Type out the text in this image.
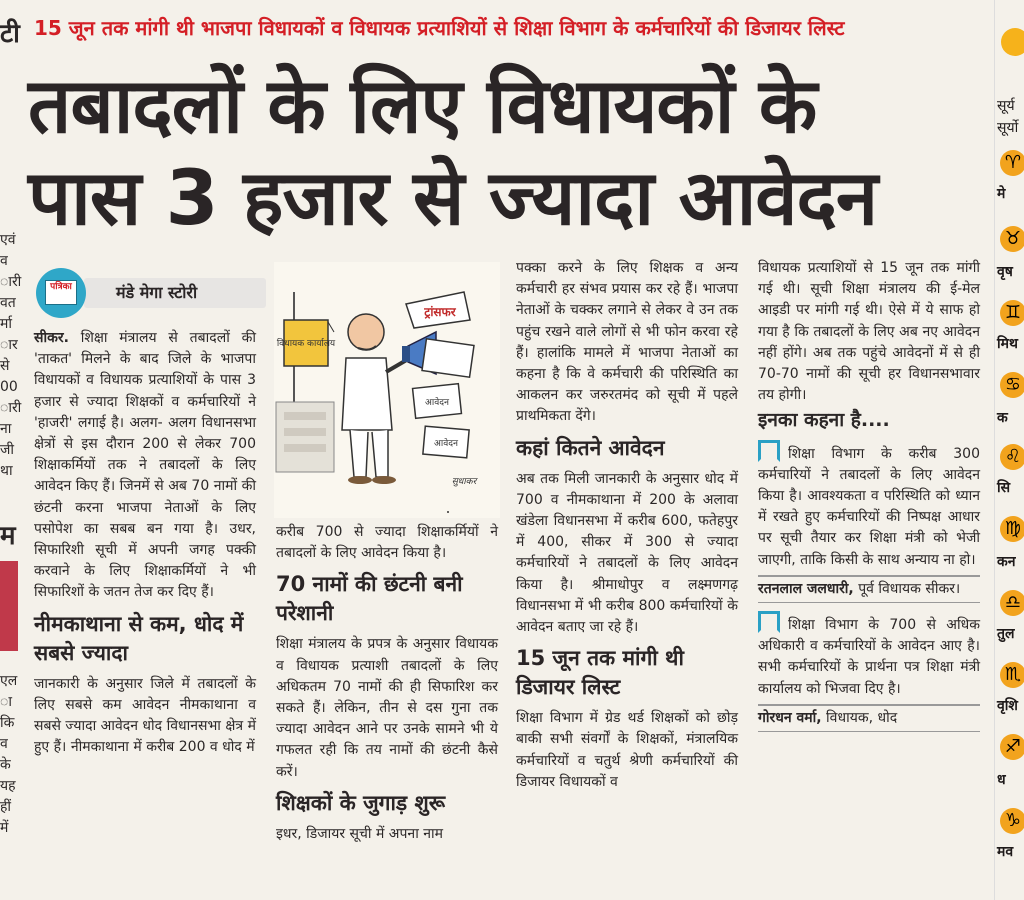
टी
एवं
व
ारी
वत
र्मा
ार
से
00
ारी
ना
जी
था
म
एल
ा
कि
व
के
यह
हीं
में
15 जून तक मांगी थी भाजपा विधायकों व विधायक प्रत्याशियों से शिक्षा विभाग के कर्मचारियों की डिजायर लिस्ट
तबादलों के लिए विधायकों के
पास 3 हजार से ज्यादा आवेदन
मंडे मेगा स्टोरी
पत्रिका

सीकर. शिक्षा मंत्रालय से तबादलों की 'ताकत' मिलने के बाद जिले के भाजपा विधायकों व विधायक प्रत्याशियों के पास 3 हजार से ज्यादा शिक्षकों व कर्मचारियों ने 'हाजरी' लगाई है। अलग- अलग विधानसभा क्षेत्रों से इस दौरान 200 से लेकर 700 शिक्षाकर्मियों तक ने तबादलों के लिए आवेदन किए हैं। जिनमें से अब 70 नामों की छंटनी करना भाजपा नेताओं के लिए पसोपेश का सबब बन गया है। उधर, सिफारिशी सूची में अपनी जगह पक्की करवाने के लिए शिक्षाकर्मियों ने भी सिफारिशों के जतन तेज कर दिए हैं।

नीमकाथाना से कम, धोद में सबसे ज्यादा

जानकारी के अनुसार जिले में तबादलों के लिए सबसे कम आवेदन नीमकाथाना व सबसे ज्यादा आवेदन धोद विधानसभा क्षेत्र में हुए हैं। नीमकाथाना में करीब 200 व धोद में

विधायक कार्यालय
ट्रांसफर
आवेदन
आवेदन
सुधाकर

करीब 700 से ज्यादा शिक्षाकर्मियों ने तबादलों के लिए आवेदन किया है।

70 नामों की छंटनी बनी परेशानी

शिक्षा मंत्रालय के प्रपत्र के अनुसार विधायक व विधायक प्रत्याशी तबादलों के लिए अधिकतम 70 नामों की ही सिफारिश कर सकते हैं। लेकिन, तीन से दस गुना तक ज्यादा आवेदन आने पर उनके सामने भी ये गफलत रही कि तय नामों की छंटनी कैसे करें।

शिक्षकों के जुगाड़ शुरू

इधर, डिजायर सूची में अपना नाम

पक्का करने के लिए शिक्षक व अन्य कर्मचारी हर संभव प्रयास कर रहे हैं। भाजपा नेताओं के चक्कर लगाने से लेकर वे उन तक पहुंच रखने वाले लोगों से भी फोन करवा रहे हैं। हालांकि मामले में भाजपा नेताओं का कहना है कि वे कर्मचारी की परिस्थिति का आकलन कर जरुरतमंद को सूची में पहले प्राथमिकता देंगे।

कहां कितने आवेदन

अब तक मिली जानकारी के अनुसार धोद में 700 व नीमकाथाना में 200 के अलावा खंडेला विधानसभा में करीब 600, फतेहपुर में 400, सीकर में 300 से ज्यादा कर्मचारियों ने तबादलों के लिए आवेदन किया है। श्रीमाधोपुर व लक्ष्मणगढ़ विधानसभा में भी करीब 800 कर्मचारियों के आवेदन बताए जा रहे हैं।

15 जून तक मांगी थी डिजायर लिस्ट

शिक्षा विभाग में ग्रेड थर्ड शिक्षकों को छोड़ बाकी सभी संवर्गों के शिक्षकों, मंत्रालयिक कर्मचारियों व चतुर्थ श्रेणी कर्मचारियों की डिजायर विधायकों व

विधायक प्रत्याशियों से 15 जून तक मांगी गई थी। सूची शिक्षा मंत्रालय की ई-मेल आइडी पर मांगी गई थी। ऐसे में ये साफ हो गया है कि तबादलों के लिए अब नए आवेदन नहीं होंगे। अब तक पहुंचे आवेदनों में से ही 70-70 नामों की सूची हर विधानसभावार तय होगी।

इनका कहना है....

शिक्षा विभाग के करीब 300 कर्मचारियों ने तबादलों के लिए आवेदन किया है। आवश्यकता व परिस्थिति को ध्यान में रखते हुए कर्मचारियों की निष्पक्ष आधार पर सूची तैयार कर शिक्षा मंत्री को भेजी जाएगी, ताकि किसी के साथ अन्याय ना हो।

रतनलाल जलधारी, पूर्व विधायक सीकर।

शिक्षा विभाग के 700 से अधिक अधिकारी व कर्मचारियों के आवेदन आए है। सभी कर्मचारियों के प्रार्थना पत्र शिक्षा मंत्री कार्यालय को भिजवा दिए है।

गोरधन वर्मा, विधायक, धोद
सूर्य
सूर्यो
♈
मे
♉
वृष
♊
मिथ
♋
क
♌
सि
♍
कन
♎
तुल
♏
वृशि
♐
ध
♑
मव
